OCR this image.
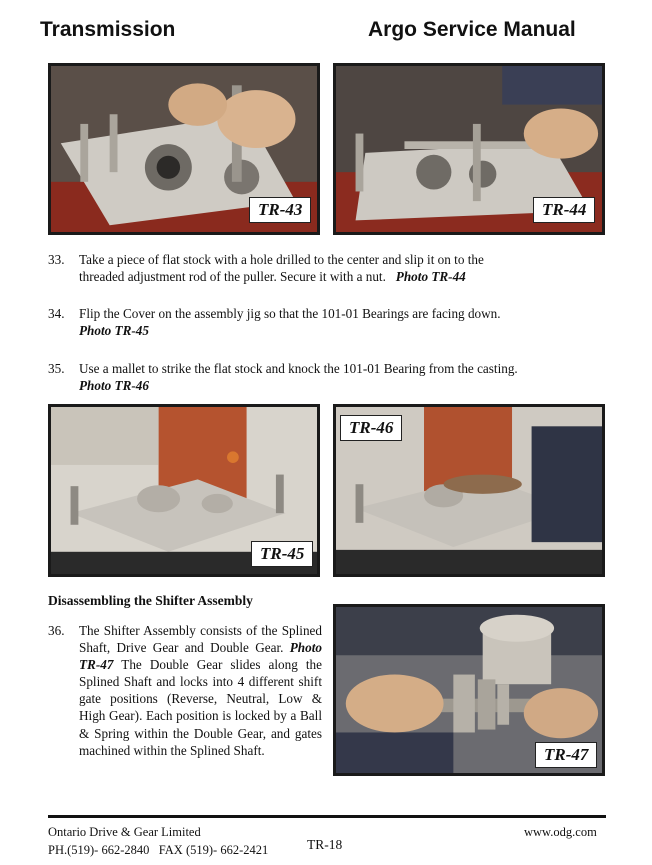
Transmission	Argo Service Manual
TR-43	TR-44
33. Take a piece of flat stock with a hole drilled to the center and slip it on to the
threaded adjustment rod of the puller. Secure it with a nut. Photo TR-44
34. Flip the Cover on the assembly jig so that the 101-01 Bearings are facing down.
Photo TR-45
35. Use a mallet to strike the flat stock and knock the 101-01 Bearing from the casting.
Photo TR-46
TR-45
TR-46
Disassembling the Shifter Assembly
36. The Shifter Assembly consists of the Splined Shaft, Drive Gear and Double Gear. Photo TR-47 The Double Gear slides along the Splined Shaft and locks into 4 different shift gate positions (Reverse, Neutral, Low & High Gear). Each position is locked by a Ball & Spring within the Double Gear, and gates machined within the Splined Shaft.	TR-47
Ontario Drive & Gear Limited
PH.(519)- 662-2840   FAX (519)- 662-2421	TR-18
www.odg.com
